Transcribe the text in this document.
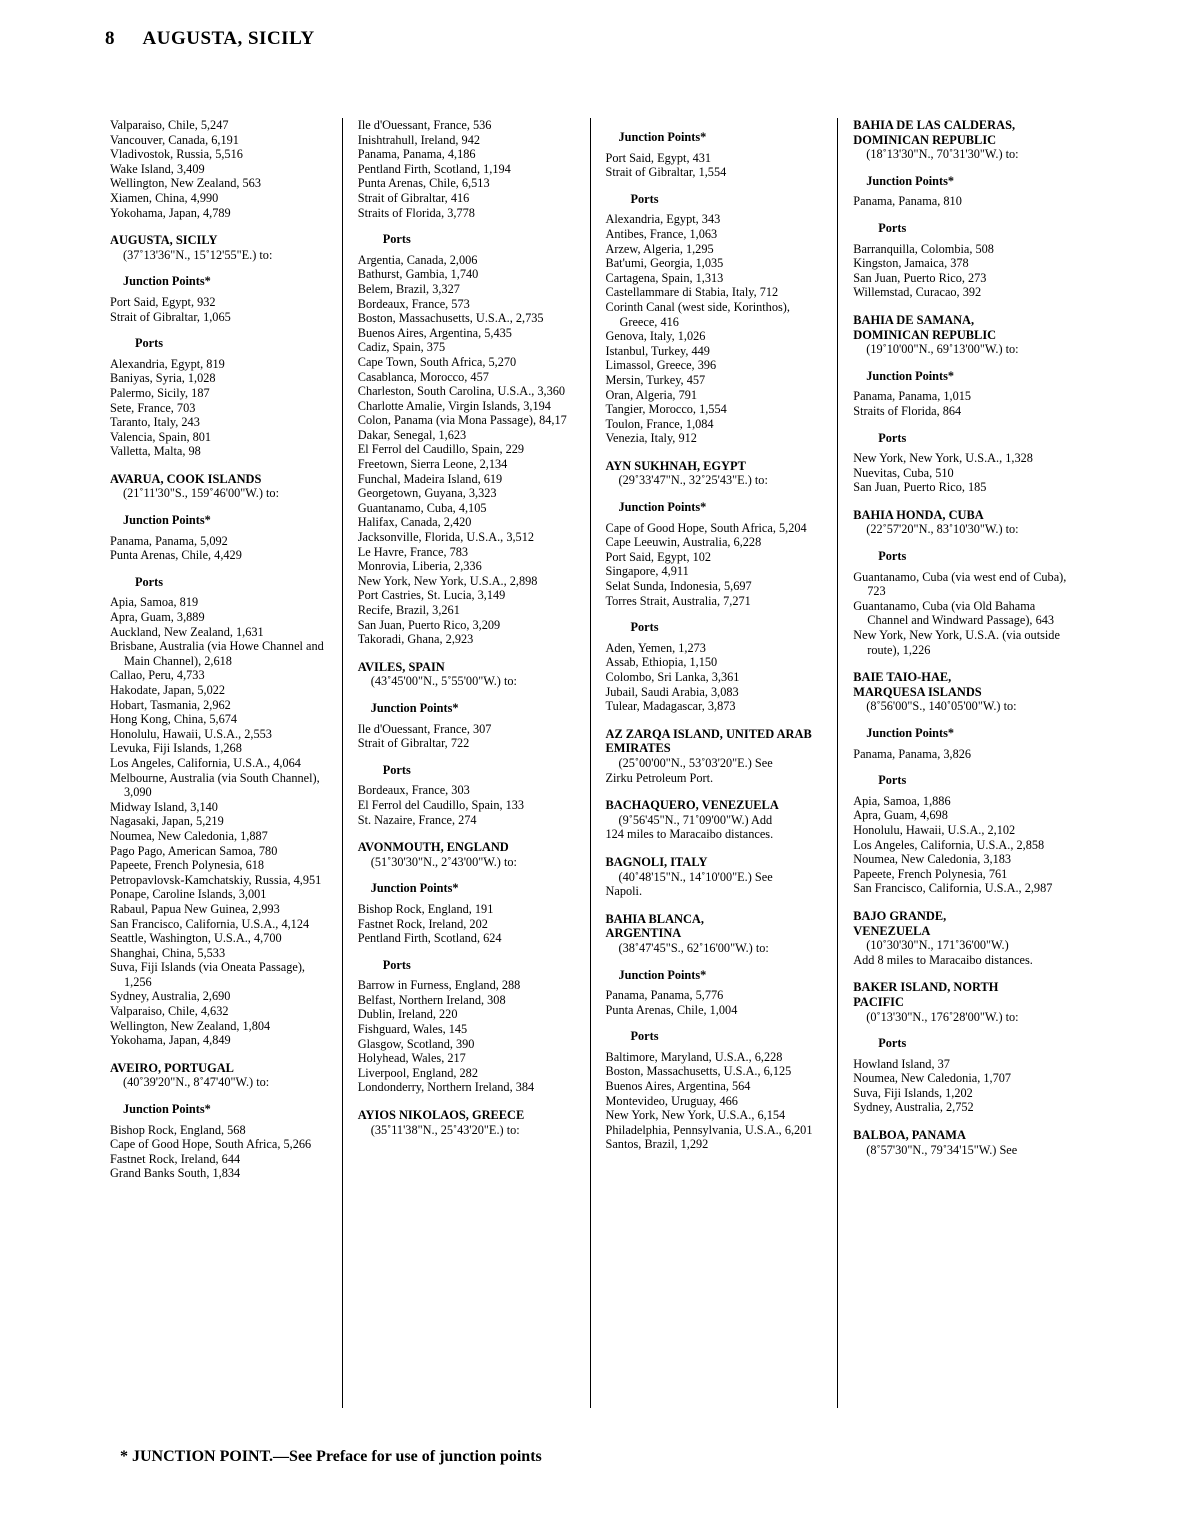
8 AUGUSTA, SICILY
Valparaiso, Chile, 5,247
Vancouver, Canada, 6,191
Vladivostok, Russia, 5,516
Wake Island, 3,409
Wellington, New Zealand, 563
Xiamen, China, 4,990
Yokohama, Japan, 4,789
AUGUSTA, SICILY
(37˚13'36"N., 15˚12'55"E.) to:
Junction Points*
Port Said, Egypt, 932
Strait of Gibraltar, 1,065
Ports
Alexandria, Egypt, 819
Baniyas, Syria, 1,028
Palermo, Sicily, 187
Sete, France, 703
Taranto, Italy, 243
Valencia, Spain, 801
Valletta, Malta, 98
AVARUA, COOK ISLANDS
(21˚11'30"S., 159˚46'00"W.) to:
Junction Points*
Panama, Panama, 5,092
Punta Arenas, Chile, 4,429
Ports
Apia, Samoa, 819
Apra, Guam, 3,889
Auckland, New Zealand, 1,631
Brisbane, Australia (via Howe Channel and Main Channel), 2,618
Callao, Peru, 4,733
Hakodate, Japan, 5,022
Hobart, Tasmania, 2,962
Hong Kong, China, 5,674
Honolulu, Hawaii, U.S.A., 2,553
Levuka, Fiji Islands, 1,268
Los Angeles, California, U.S.A., 4,064
Melbourne, Australia (via South Channel), 3,090
Midway Island, 3,140
Nagasaki, Japan, 5,219
Noumea, New Caledonia, 1,887
Pago Pago, American Samoa, 780
Papeete, French Polynesia, 618
Petropavlovsk-Kamchatskiy, Russia, 4,951
Ponape, Caroline Islands, 3,001
Rabaul, Papua New Guinea, 2,993
San Francisco, California, U.S.A., 4,124
Seattle, Washington, U.S.A., 4,700
Shanghai, China, 5,533
Suva, Fiji Islands (via Oneata Passage), 1,256
Sydney, Australia, 2,690
Valparaiso, Chile, 4,632
Wellington, New Zealand, 1,804
Yokohama, Japan, 4,849
AVEIRO, PORTUGAL
(40˚39'20"N., 8˚47'40"W.) to:
Junction Points*
Bishop Rock, England, 568
Cape of Good Hope, South Africa, 5,266
Fastnet Rock, Ireland, 644
Grand Banks South, 1,834
Ile d'Ouessant, France, 536
Inishtrahull, Ireland, 942
Panama, Panama, 4,186
Pentland Firth, Scotland, 1,194
Punta Arenas, Chile, 6,513
Strait of Gibraltar, 416
Straits of Florida, 3,778
Ports
Argentia, Canada, 2,006
Bathurst, Gambia, 1,740
Belem, Brazil, 3,327
Bordeaux, France, 573
Boston, Massachusetts, U.S.A., 2,735
Buenos Aires, Argentina, 5,435
Cadiz, Spain, 375
Cape Town, South Africa, 5,270
Casablanca, Morocco, 457
Charleston, South Carolina, U.S.A., 3,360
Charlotte Amalie, Virgin Islands, 3,194
Colon, Panama (via Mona Passage), 84,17
Dakar, Senegal, 1,623
El Ferrol del Caudillo, Spain, 229
Freetown, Sierra Leone, 2,134
Funchal, Madeira Island, 619
Georgetown, Guyana, 3,323
Guantanamo, Cuba, 4,105
Halifax, Canada, 2,420
Jacksonville, Florida, U.S.A., 3,512
Le Havre, France, 783
Monrovia, Liberia, 2,336
New York, New York, U.S.A., 2,898
Port Castries, St. Lucia, 3,149
Recife, Brazil, 3,261
San Juan, Puerto Rico, 3,209
Takoradi, Ghana, 2,923
AVILES, SPAIN
(43˚45'00"N., 5˚55'00"W.) to:
Junction Points*
Ile d'Ouessant, France, 307
Strait of Gibraltar, 722
Ports
Bordeaux, France, 303
El Ferrol del Caudillo, Spain, 133
St. Nazaire, France, 274
AVONMOUTH, ENGLAND
(51˚30'30"N., 2˚43'00"W.) to:
Junction Points*
Bishop Rock, England, 191
Fastnet Rock, Ireland, 202
Pentland Firth, Scotland, 624
Ports
Barrow in Furness, England, 288
Belfast, Northern Ireland, 308
Dublin, Ireland, 220
Fishguard, Wales, 145
Glasgow, Scotland, 390
Holyhead, Wales, 217
Liverpool, England, 282
Londonderry, Northern Ireland, 384
AYIOS NIKOLAOS, GREECE
(35˚11'38"N., 25˚43'20"E.) to:
Junction Points*
Port Said, Egypt, 431
Strait of Gibraltar, 1,554
Ports
Alexandria, Egypt, 343
Antibes, France, 1,063
Arzew, Algeria, 1,295
Bat'umi, Georgia, 1,035
Cartagena, Spain, 1,313
Castellammare di Stabia, Italy, 712
Corinth Canal (west side, Korinthos), Greece, 416
Genova, Italy, 1,026
Istanbul, Turkey, 449
Limassol, Greece, 396
Mersin, Turkey, 457
Oran, Algeria, 791
Tangier, Morocco, 1,554
Toulon, France, 1,084
Venezia, Italy, 912
AYN SUKHNAH, EGYPT
(29˚33'47"N., 32˚25'43"E.) to:
Junction Points*
Cape of Good Hope, South Africa, 5,204
Cape Leeuwin, Australia, 6,228
Port Said, Egypt, 102
Singapore, 4,911
Selat Sunda, Indonesia, 5,697
Torres Strait, Australia, 7,271
Ports
Aden, Yemen, 1,273
Assab, Ethiopia, 1,150
Colombo, Sri Lanka, 3,361
Jubail, Saudi Arabia, 3,083
Tulear, Madagascar, 3,873
AZ ZARQA ISLAND, UNITED ARAB EMIRATES
(25˚00'00"N., 53˚03'20"E.) See
Zirku Petroleum Port.
BACHAQUERO, VENEZUELA
(9˚56'45"N., 71˚09'00"W.) Add
124 miles to Maracaibo distances.
BAGNOLI, ITALY
(40˚48'15"N., 14˚10'00"E.) See
Napoli.
BAHIA BLANCA,
ARGENTINA
(38˚47'45"S., 62˚16'00"W.) to:
Junction Points*
Panama, Panama, 5,776
Punta Arenas, Chile, 1,004
Ports
Baltimore, Maryland, U.S.A., 6,228
Boston, Massachusetts, U.S.A., 6,125
Buenos Aires, Argentina, 564
Montevideo, Uruguay, 466
New York, New York, U.S.A., 6,154
Philadelphia, Pennsylvania, U.S.A., 6,201
Santos, Brazil, 1,292
BAHIA DE LAS CALDERAS,
DOMINICAN REPUBLIC
(18˚13'30"N., 70˚31'30"W.) to:
Junction Points*
Panama, Panama, 810
Ports
Barranquilla, Colombia, 508
Kingston, Jamaica, 378
San Juan, Puerto Rico, 273
Willemstad, Curacao, 392
BAHIA DE SAMANA,
DOMINICAN REPUBLIC
(19˚10'00"N., 69˚13'00"W.) to:
Junction Points*
Panama, Panama, 1,015
Straits of Florida, 864
Ports
New York, New York, U.S.A., 1,328
Nuevitas, Cuba, 510
San Juan, Puerto Rico, 185
BAHIA HONDA, CUBA
(22˚57'20"N., 83˚10'30"W.) to:
Ports
Guantanamo, Cuba (via west end of Cuba), 723
Guantanamo, Cuba (via Old Bahama Channel and Windward Passage), 643
New York, New York, U.S.A. (via outside route), 1,226
BAIE TAIO-HAE,
MARQUESA ISLANDS
(8˚56'00"S., 140˚05'00"W.) to:
Junction Points*
Panama, Panama, 3,826
Ports
Apia, Samoa, 1,886
Apra, Guam, 4,698
Honolulu, Hawaii, U.S.A., 2,102
Los Angeles, California, U.S.A., 2,858
Noumea, New Caledonia, 3,183
Papeete, French Polynesia, 761
San Francisco, California, U.S.A., 2,987
BAJO GRANDE,
VENEZUELA
(10˚30'30"N., 171˚36'00"W.)
Add 8 miles to Maracaibo distances.
BAKER ISLAND, NORTH
PACIFIC
(0˚13'30"N., 176˚28'00"W.) to:
Ports
Howland Island, 37
Noumea, New Caledonia, 1,707
Suva, Fiji Islands, 1,202
Sydney, Australia, 2,752
BALBOA, PANAMA
(8˚57'30"N., 79˚34'15"W.) See
* JUNCTION POINT.—See Preface for use of junction points
